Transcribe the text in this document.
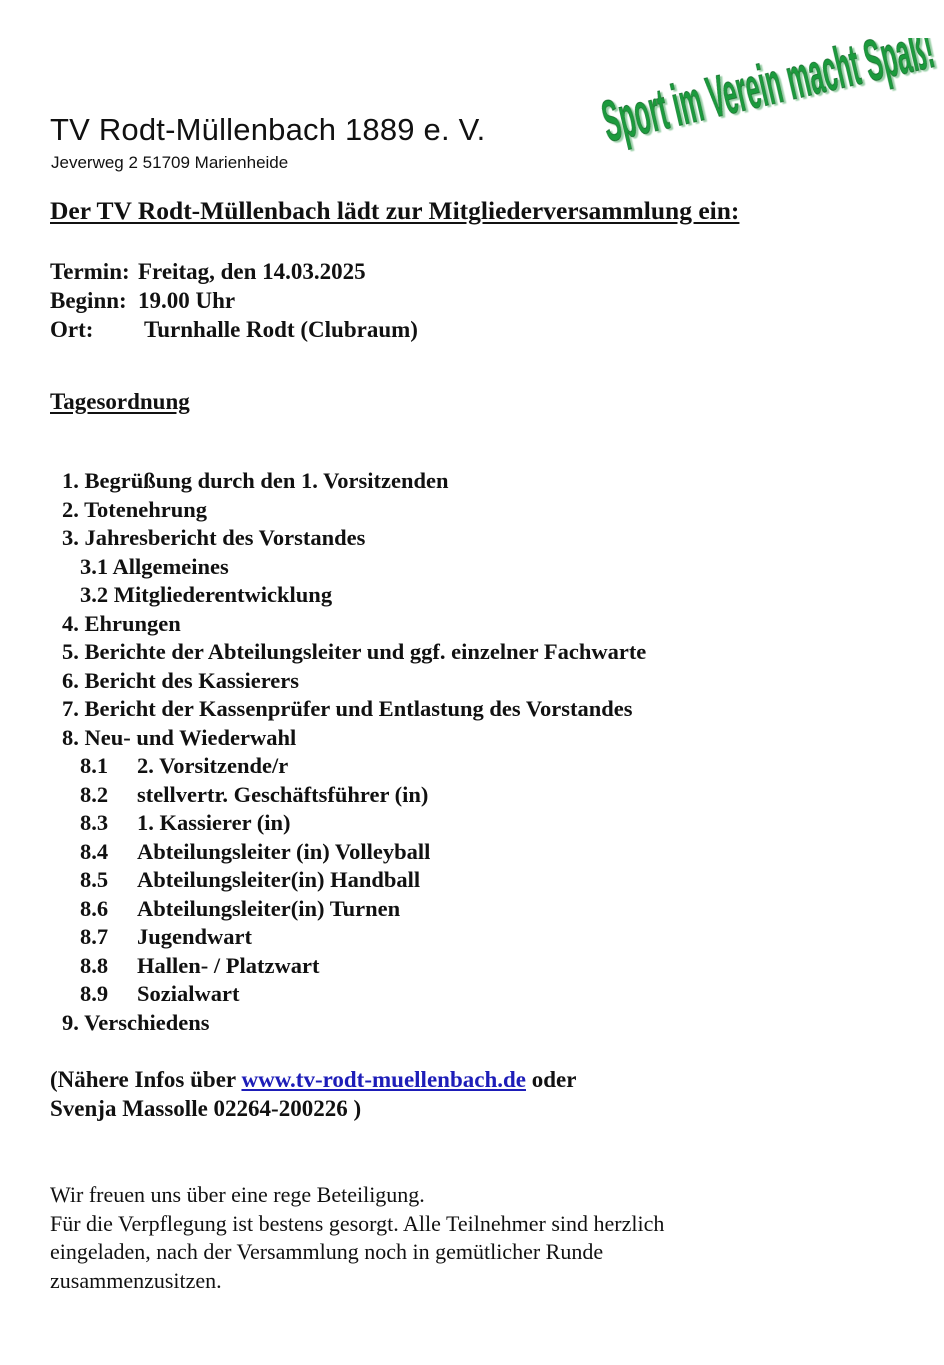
TV Rodt-Müllenbach 1889 e. V.
Jeverweg 2 51709 Marienheide
Sport im Verein macht Spaß!
Der TV Rodt-Müllenbach lädt zur Mitgliederversammlung ein:
Termin: Freitag, den 14.03.2025
Beginn: 19.00 Uhr
Ort:	Turnhalle Rodt (Clubraum)
Tagesordnung
1. Begrüßung durch den 1. Vorsitzenden
2. Totenehrung
3. Jahresbericht des Vorstandes
3.1 Allgemeines
3.2 Mitgliederentwicklung
4. Ehrungen
5. Berichte der Abteilungsleiter und ggf. einzelner Fachwarte
6. Bericht des Kassierers
7. Bericht der Kassenprüfer und Entlastung des Vorstandes
8. Neu- und Wiederwahl
8.1	2. Vorsitzende/r
8.2	stellvertr. Geschäftsführer (in)
8.3	1. Kassierer (in)
8.4	Abteilungsleiter (in) Volleyball
8.5	Abteilungsleiter(in) Handball
8.6	Abteilungsleiter(in) Turnen
8.7	Jugendwart
8.8	Hallen- / Platzwart
8.9	Sozialwart
9. Verschiedens
(Nähere Infos über www.tv-rodt-muellenbach.de oder
Svenja Massolle 02264-200226 )

Wir freuen uns über eine rege Beteiligung.

Für die Verpflegung ist bestens gesorgt. Alle Teilnehmer sind herzlich

eingeladen, nach der Versammlung noch in gemütlicher Runde

zusammenzusitzen.
